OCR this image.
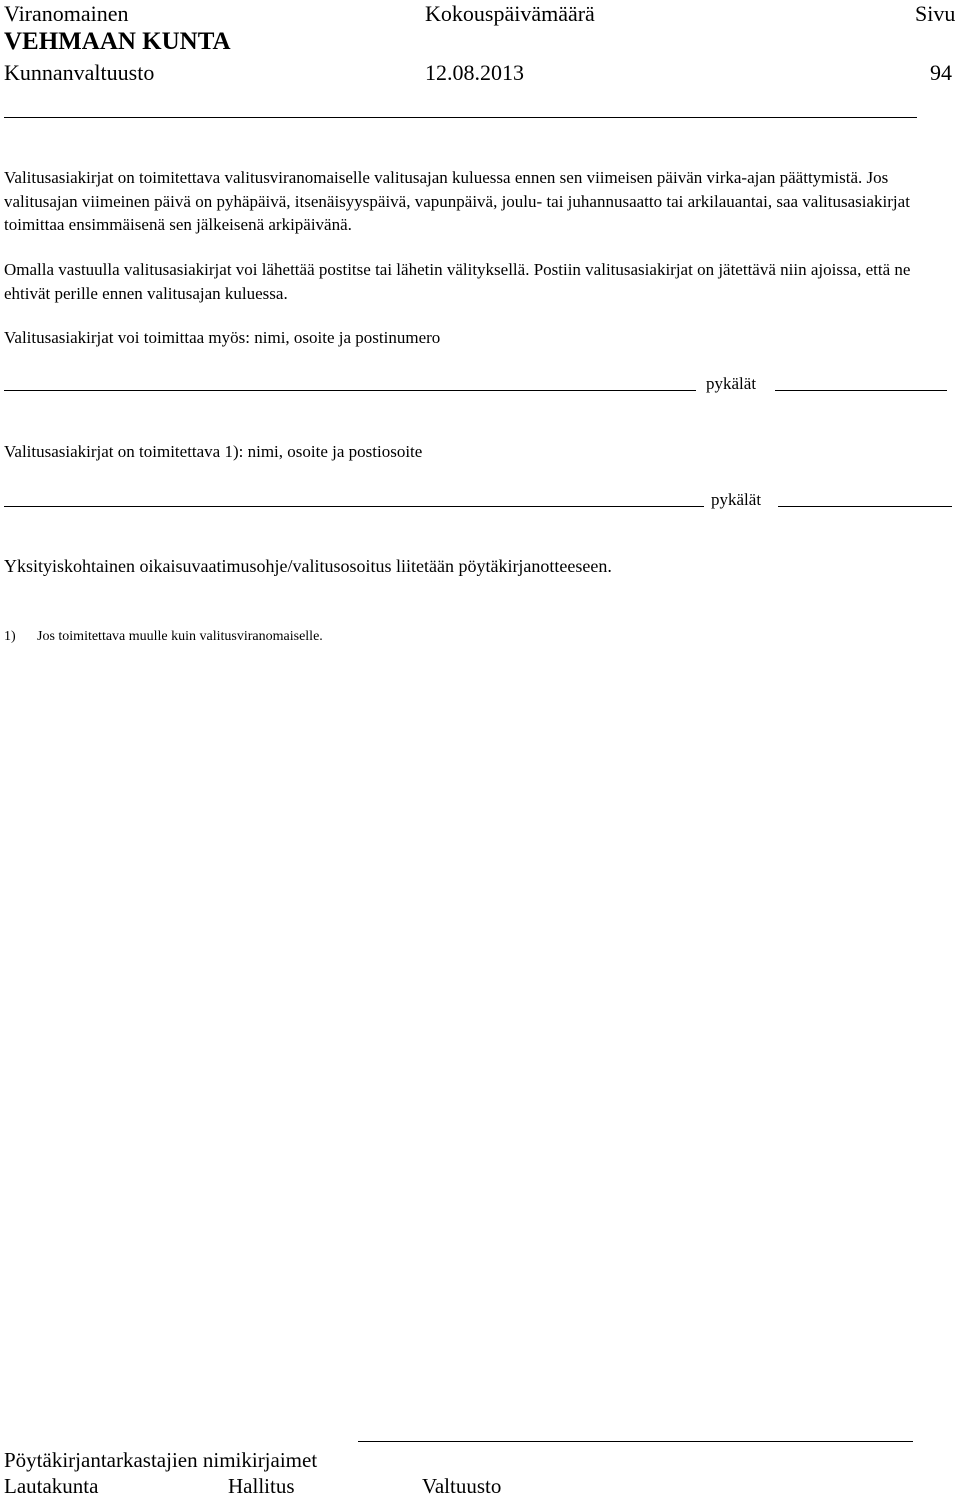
Viranomainen	Kokouspäivämäärä	Sivu
VEHMAAN KUNTA
Kunnanvaltuusto	12.08.2013	94
Valitusasiakirjat on toimitettava valitusviranomaiselle valitusajan kuluessa ennen sen viimeisen päivän virka-ajan päättymistä. Jos valitusajan viimeinen päivä on pyhäpäivä, itsenäisyyspäivä, vapunpäivä, joulu- tai juhannusaatto tai arkilauantai, saa valitusasiakirjat toimittaa ensimmäisenä sen jälkeisenä arkipäivänä.
Omalla vastuulla valitusasiakirjat voi lähettää postitse tai lähetin välityksellä. Postiin valitusasiakirjat on jätettävä niin ajoissa, että ne ehtivät perille ennen valitusajan kuluessa.
Valitusasiakirjat voi toimittaa myös: nimi, osoite ja postinumero
pykälät
Valitusasiakirjat on toimitettava 1): nimi, osoite ja postiosoite
pykälät
Yksityiskohtainen oikaisuvaatimusohje/valitusosoitus liitetään pöytäkirjanotteeseen.
1) Jos toimitettava muulle kuin valitusviranomaiselle.
Pöytäkirjantarkastajien nimikirjaimet
Lautakunta	Hallitus	Valtuusto
